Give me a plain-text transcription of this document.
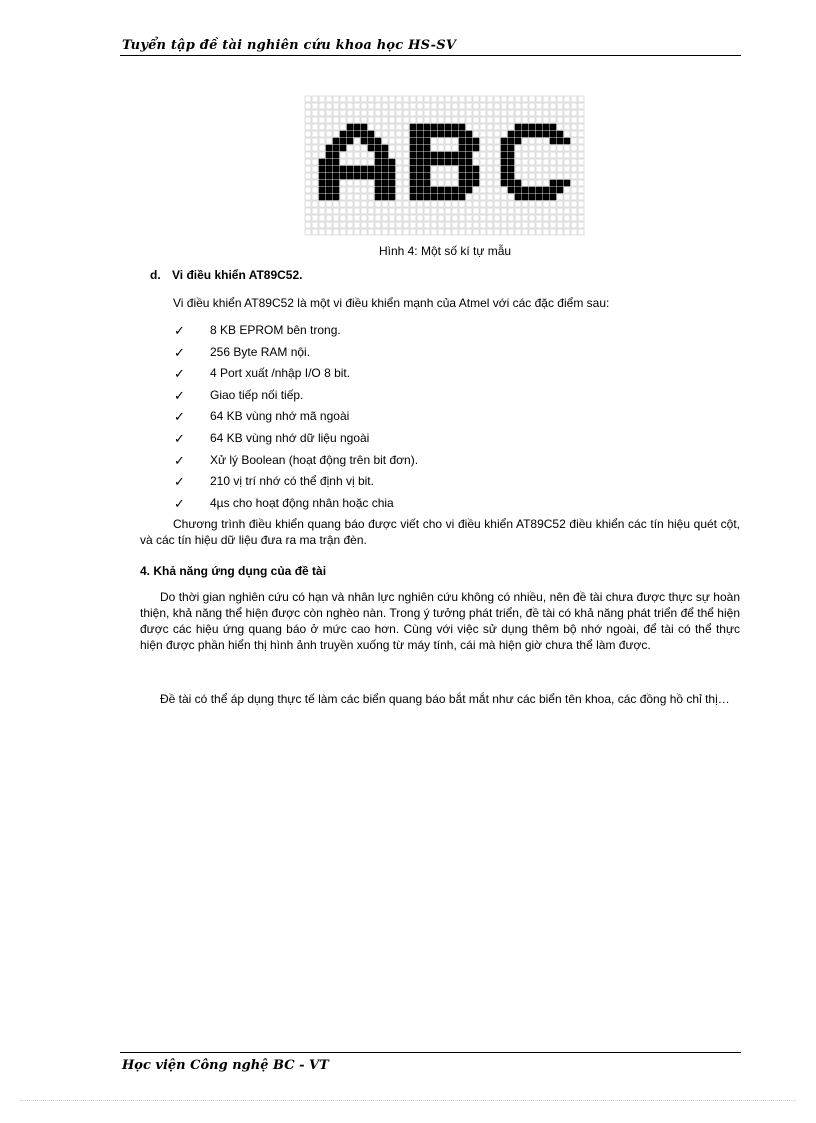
Tuyển tập đề tài nghiên cứu khoa học HS-SV
Hình 4: Một số kí tự mẫu
d. Vi điều khiển AT89C52.
Vi điều khiển AT89C52 là một vi điều khiển mạnh của Atmel với các đặc điểm sau:
✓ 8 KB EPROM bên trong.
✓ 256 Byte RAM nội.
✓ 4 Port xuất /nhập I/O 8 bit.
✓ Giao tiếp nối tiếp.
✓ 64 KB vùng nhớ mã ngoài
✓ 64 KB vùng nhớ dữ liệu ngoài
✓ Xử lý Boolean (hoạt động trên bit đơn).
✓ 210 vị trí nhớ có thể định vị bit.
✓ 4µs cho hoạt động nhân hoặc chia
Chương trình điều khiển quang báo được viết cho vi điều khiển AT89C52 điều khiển các tín hiệu quét cột, và các tín hiệu dữ liệu đưa ra ma trận đèn.
4. Khả năng ứng dụng của đề tài
Do thời gian nghiên cứu có hạn và nhân lực nghiên cứu không có nhiều, nên đề tài chưa được thực sự hoàn thiện, khả năng thể hiện được còn nghèo nàn. Trong ý tưởng phát triển, đề tài có khả năng phát triển để thể hiện được các hiệu ứng quang báo ở mức cao hơn. Cùng với việc sử dụng thêm bộ nhớ ngoài, để tài có thể thực hiện được phần hiển thị hình ảnh truyền xuống từ máy tính, cái mà hiện giờ chưa thể làm được.
Đề tài có thể áp dụng thực tế làm các biển quang báo bắt mắt như các biển tên khoa, các đồng hồ chỉ thị…
Học viện Công nghệ BC - VT
